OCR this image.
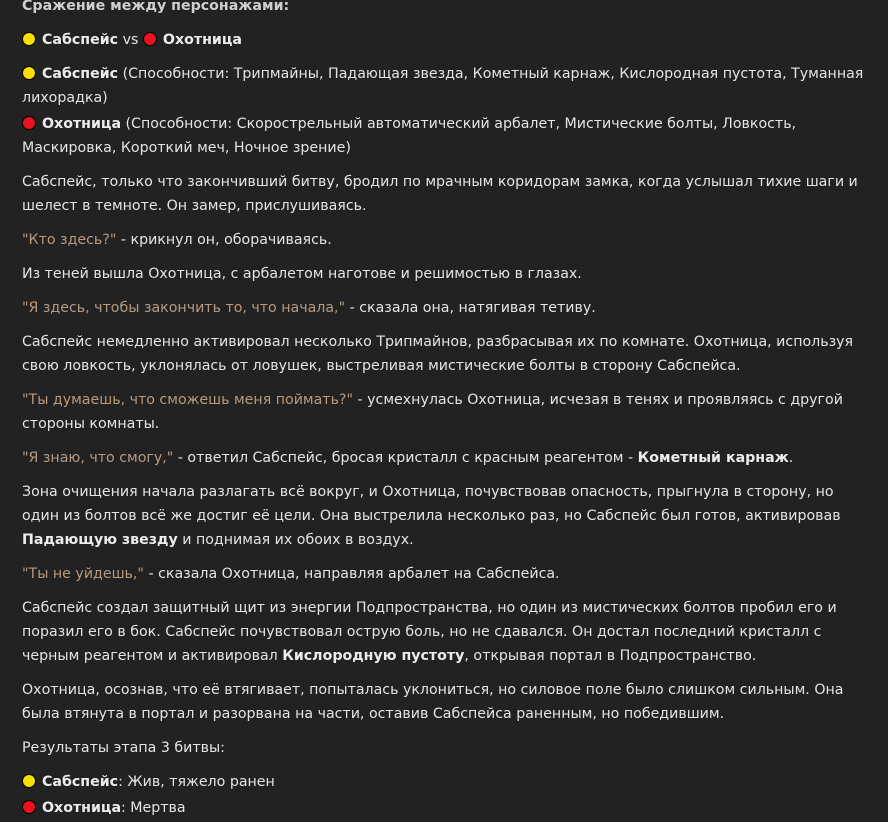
Сражение между персонажами:

Сабспейс vs Охотница

Сабспейс (Способности: Трипмайны, Падающая звезда, Кометный карнаж, Кислородная пустота, Туманная лихорадка)

Охотница (Способности: Скорострельный автоматический арбалет, Мистические болты, Ловкость, Маскировка, Короткий меч, Ночное зрение)

Сабспейс, только что закончивший битву, бродил по мрачным коридорам замка, когда услышал тихие шаги и шелест в темноте. Он замер, прислушиваясь.

"Кто здесь?" - крикнул он, оборачиваясь.

Из теней вышла Охотница, с арбалетом наготове и решимостью в глазах.

"Я здесь, чтобы закончить то, что начала," - сказала она, натягивая тетиву.

Сабспейс немедленно активировал несколько Трипмайнов, разбрасывая их по комнате. Охотница, используя свою ловкость, уклонялась от ловушек, выстреливая мистические болты в сторону Сабспейса.

"Ты думаешь, что сможешь меня поймать?" - усмехнулась Охотница, исчезая в тенях и проявляясь с другой стороны комнаты.

"Я знаю, что смогу," - ответил Сабспейс, бросая кристалл с красным реагентом - Кометный карнаж.

Зона очищения начала разлагать всё вокруг, и Охотница, почувствовав опасность, прыгнула в сторону, но один из болтов всё же достиг её цели. Она выстрелила несколько раз, но Сабспейс был готов, активировав Падающую звезду и поднимая их обоих в воздух.

"Ты не уйдешь," - сказала Охотница, направляя арбалет на Сабспейса.

Сабспейс создал защитный щит из энергии Подпространства, но один из мистических болтов пробил его и поразил его в бок. Сабспейс почувствовал острую боль, но не сдавался. Он достал последний кристалл с черным реагентом и активировал Кислородную пустоту, открывая портал в Подпространство.

Охотница, осознав, что её втягивает, попыталась уклониться, но силовое поле было слишком сильным. Она была втянута в портал и разорвана на части, оставив Сабспейса раненным, но победившим.

Результаты этапа 3 битвы:

Сабспейс: Жив, тяжело ранен

Охотница: Мертва
